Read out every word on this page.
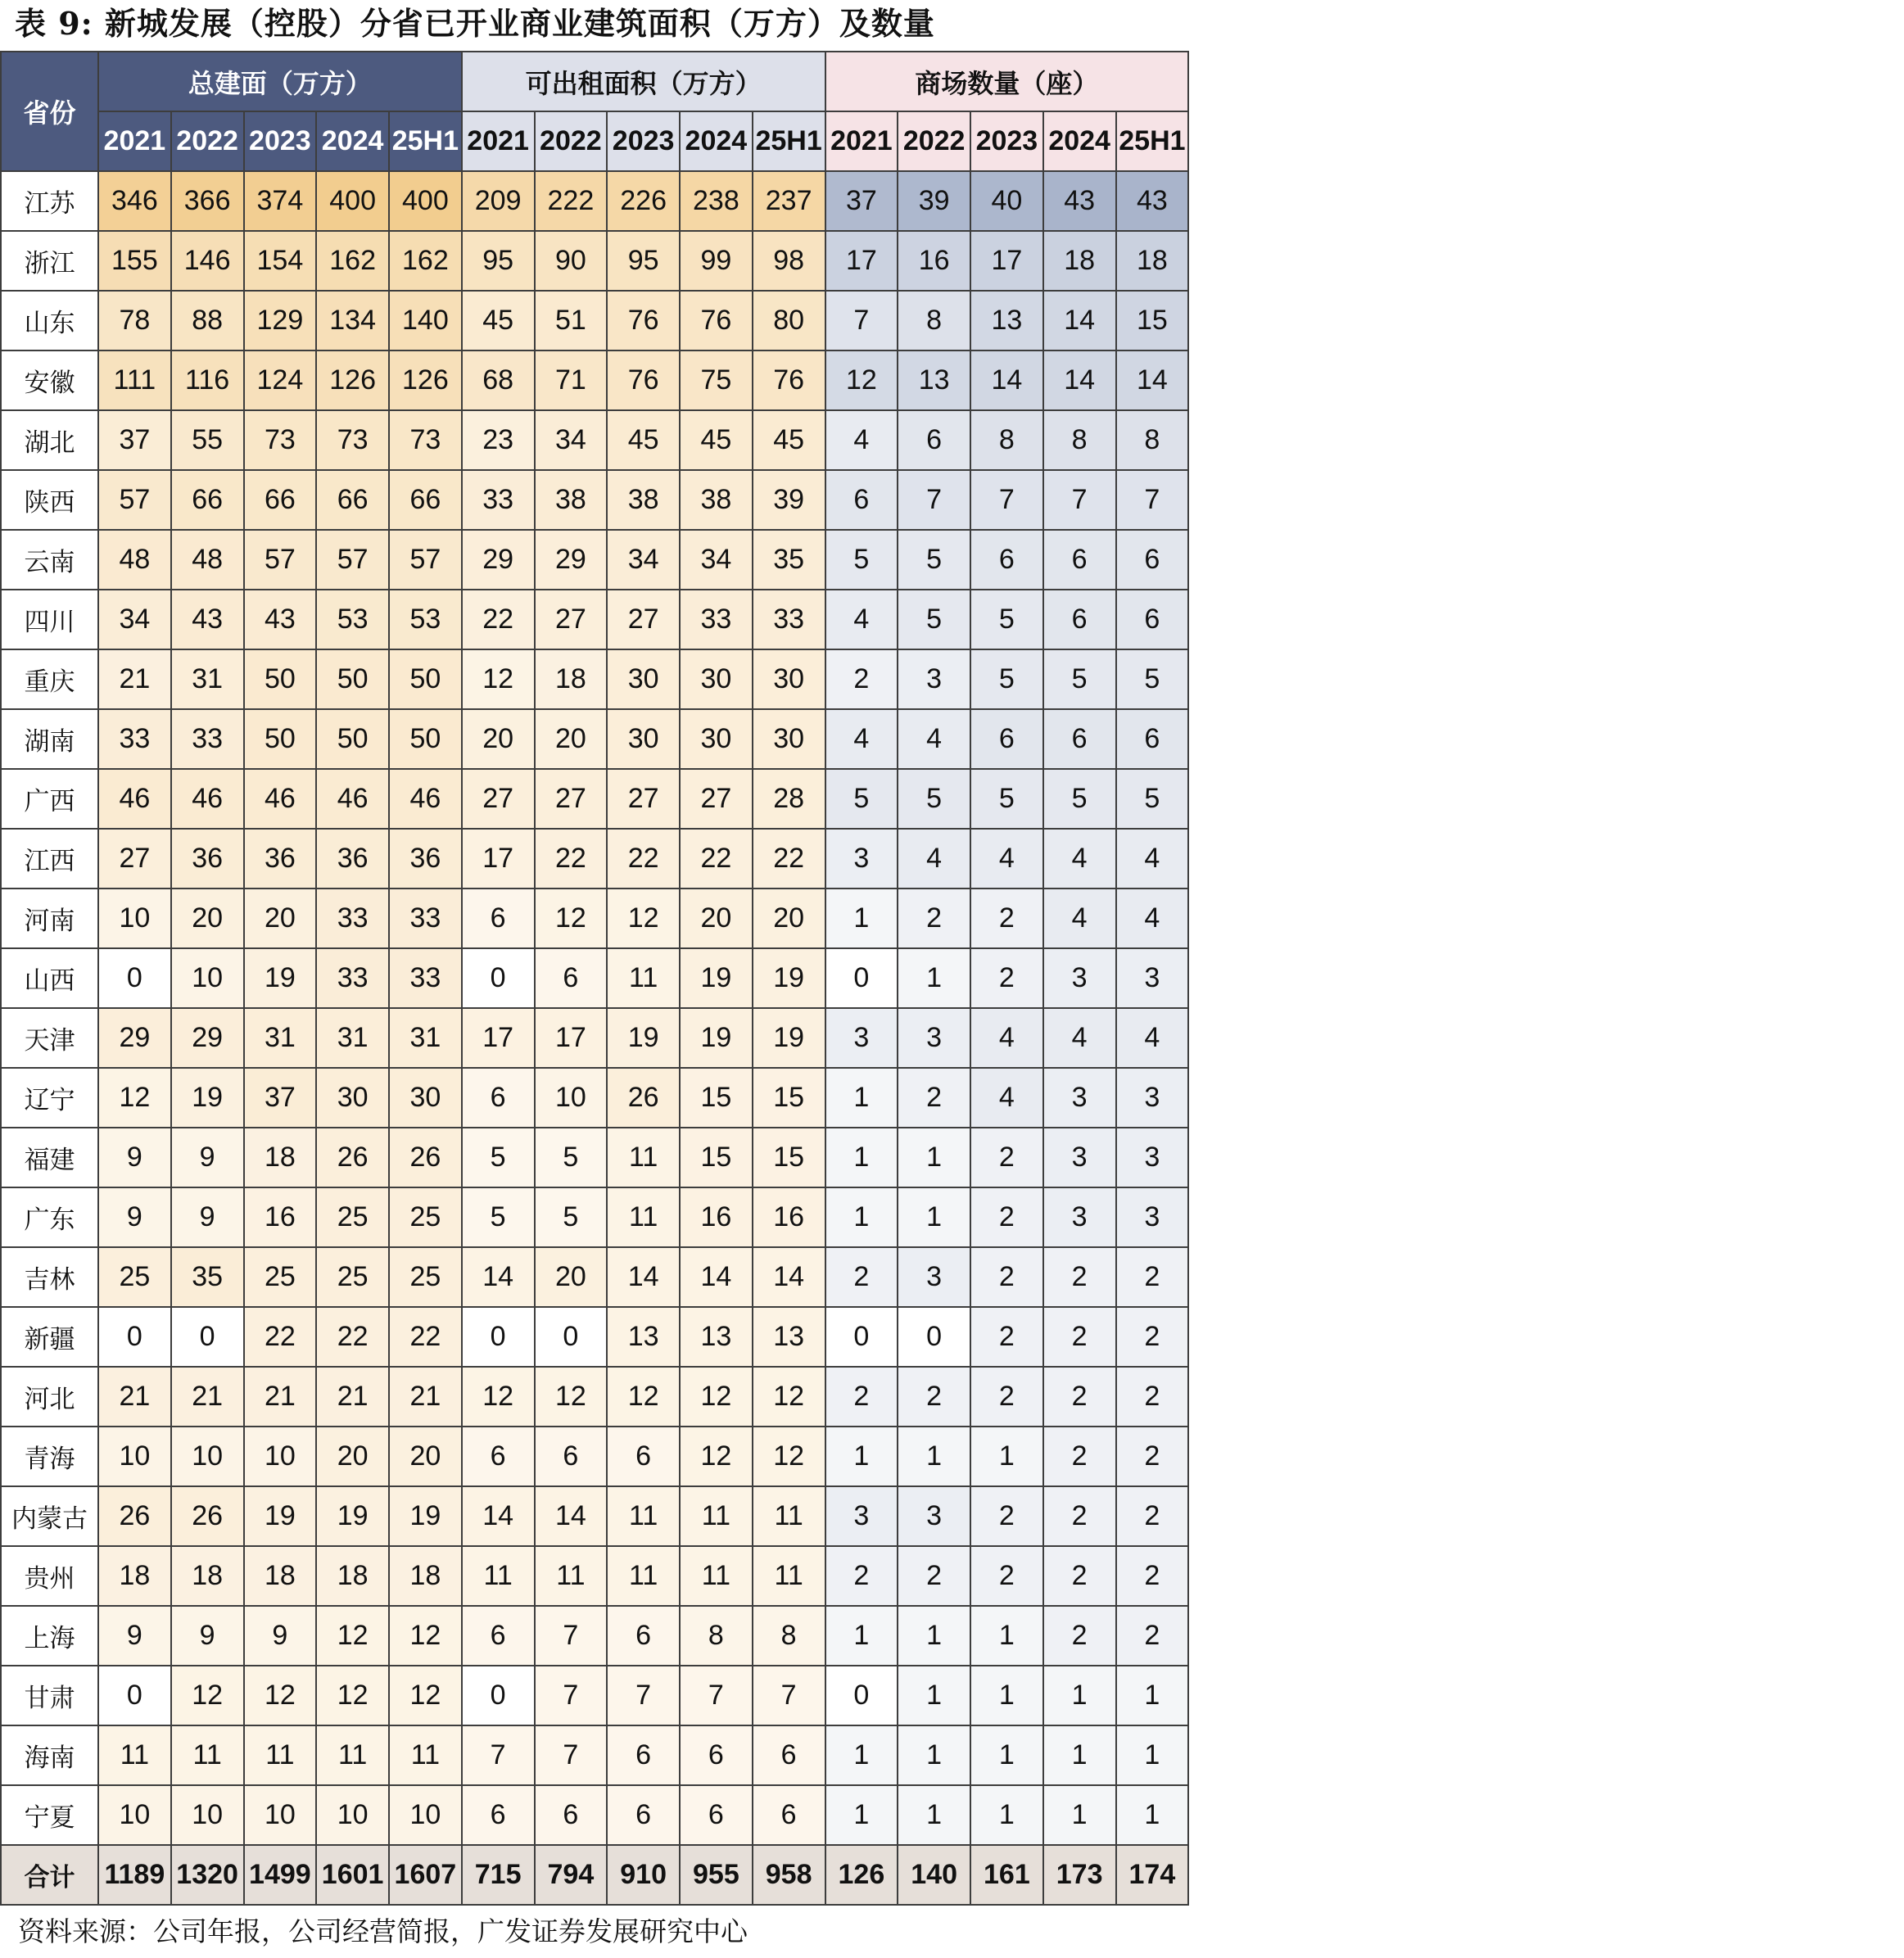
表 9: 新城发展（控股）分省已开业商业建筑面积（万方）及数量
省份	总建面（万方）					可出租面积（万方）					商场数量（座）				
	2021	2022	2023	2024	25H1	2021	2022	2023	2024	25H1	2021	2022	2023	2024	25H1
江苏	346	366	374	400	400	209	222	226	238	237	37	39	40	43	43
浙江	155	146	154	162	162	95	90	95	99	98	17	16	17	18	18
山东	78	88	129	134	140	45	51	76	76	80	7	8	13	14	15
安徽	111	116	124	126	126	68	71	76	75	76	12	13	14	14	14
湖北	37	55	73	73	73	23	34	45	45	45	4	6	8	8	8
陕西	57	66	66	66	66	33	38	38	38	39	6	7	7	7	7
云南	48	48	57	57	57	29	29	34	34	35	5	5	6	6	6
四川	34	43	43	53	53	22	27	27	33	33	4	5	5	6	6
重庆	21	31	50	50	50	12	18	30	30	30	2	3	5	5	5
湖南	33	33	50	50	50	20	20	30	30	30	4	4	6	6	6
广西	46	46	46	46	46	27	27	27	27	28	5	5	5	5	5
江西	27	36	36	36	36	17	22	22	22	22	3	4	4	4	4
河南	10	20	20	33	33	6	12	12	20	20	1	2	2	4	4
山西	0	10	19	33	33	0	6	11	19	19	0	1	2	3	3
天津	29	29	31	31	31	17	17	19	19	19	3	3	4	4	4
辽宁	12	19	37	30	30	6	10	26	15	15	1	2	4	3	3
福建	9	9	18	26	26	5	5	11	15	15	1	1	2	3	3
广东	9	9	16	25	25	5	5	11	16	16	1	1	2	3	3
吉林	25	35	25	25	25	14	20	14	14	14	2	3	2	2	2
新疆	0	0	22	22	22	0	0	13	13	13	0	0	2	2	2
河北	21	21	21	21	21	12	12	12	12	12	2	2	2	2	2
青海	10	10	10	20	20	6	6	6	12	12	1	1	1	2	2
内蒙古	26	26	19	19	19	14	14	11	11	11	3	3	2	2	2
贵州	18	18	18	18	18	11	11	11	11	11	2	2	2	2	2
上海	9	9	9	12	12	6	7	6	8	8	1	1	1	2	2
甘肃	0	12	12	12	12	0	7	7	7	7	0	1	1	1	1
海南	11	11	11	11	11	7	7	6	6	6	1	1	1	1	1
宁夏	10	10	10	10	10	6	6	6	6	6	1	1	1	1	1
合计	1189	1320	1499	1601	1607	715	794	910	955	958	126	140	161	173	174
资料来源：公司年报，公司经营简报，广发证券发展研究中心
